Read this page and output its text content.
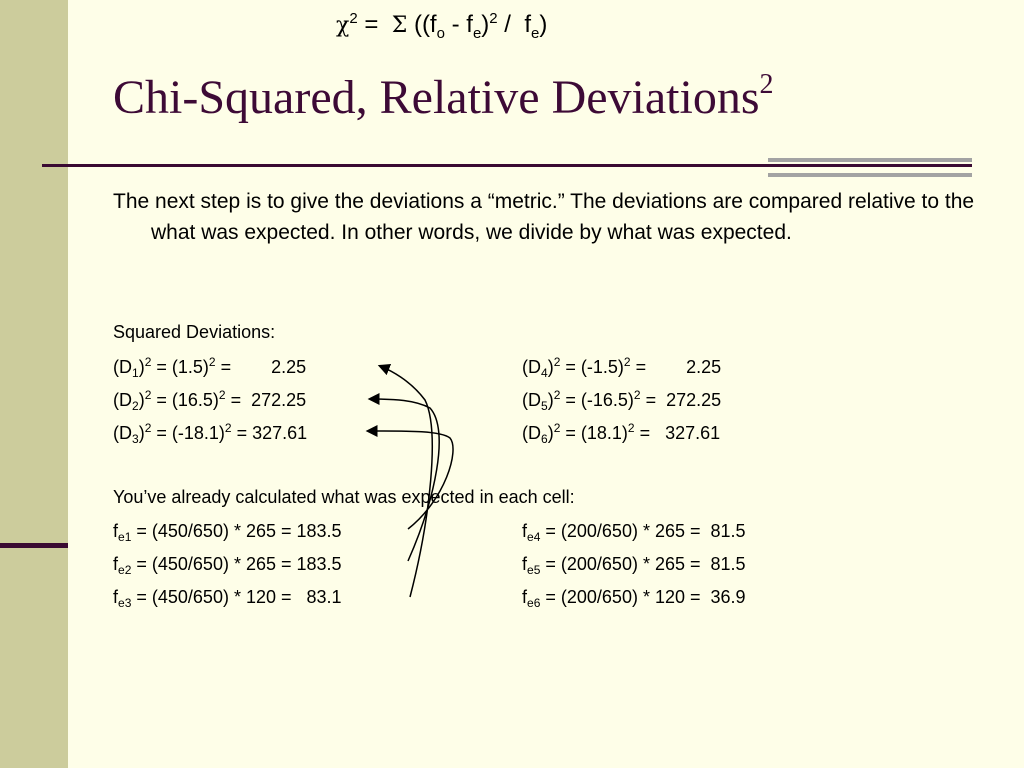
$\chi^2 = \Sigma$ $((f_o - f_e)^2 / f_e)$
Chi-Squared, Relative Deviations$^2$
The next step is to give the deviations a “metric.” The deviations are compared relative to the what was expected. In other words, we divide by what was expected.
Squared Deviations:
$(D_1)^2 = (1.5)^2$ =        2.25
$(D_2)^2 = (16.5)^2 = 272.25$
$(D_3)^2 = (-18.1)^2 = 327.61$
$(D_4)^2 = (-1.5)^2$ =        2.25
$(D_5)^2 = (-16.5)^2 = 272.25$
$(D_6)^2 = (18.1)^2 = 327.61$
You’ve already calculated what was expected in each cell:
$f_{e1} = (450/650) * 265 = 183.5$
$f_{e2} = (450/650) * 265 = 183.5$
$f_{e3} = (450/650) * 120 = 83.1$
$f_{e4} = (200/650) * 265 = 81.5$
$f_{e5} = (200/650) * 265 = 81.5$
$f_{e6} = (200/650) * 120 = 36.9$
